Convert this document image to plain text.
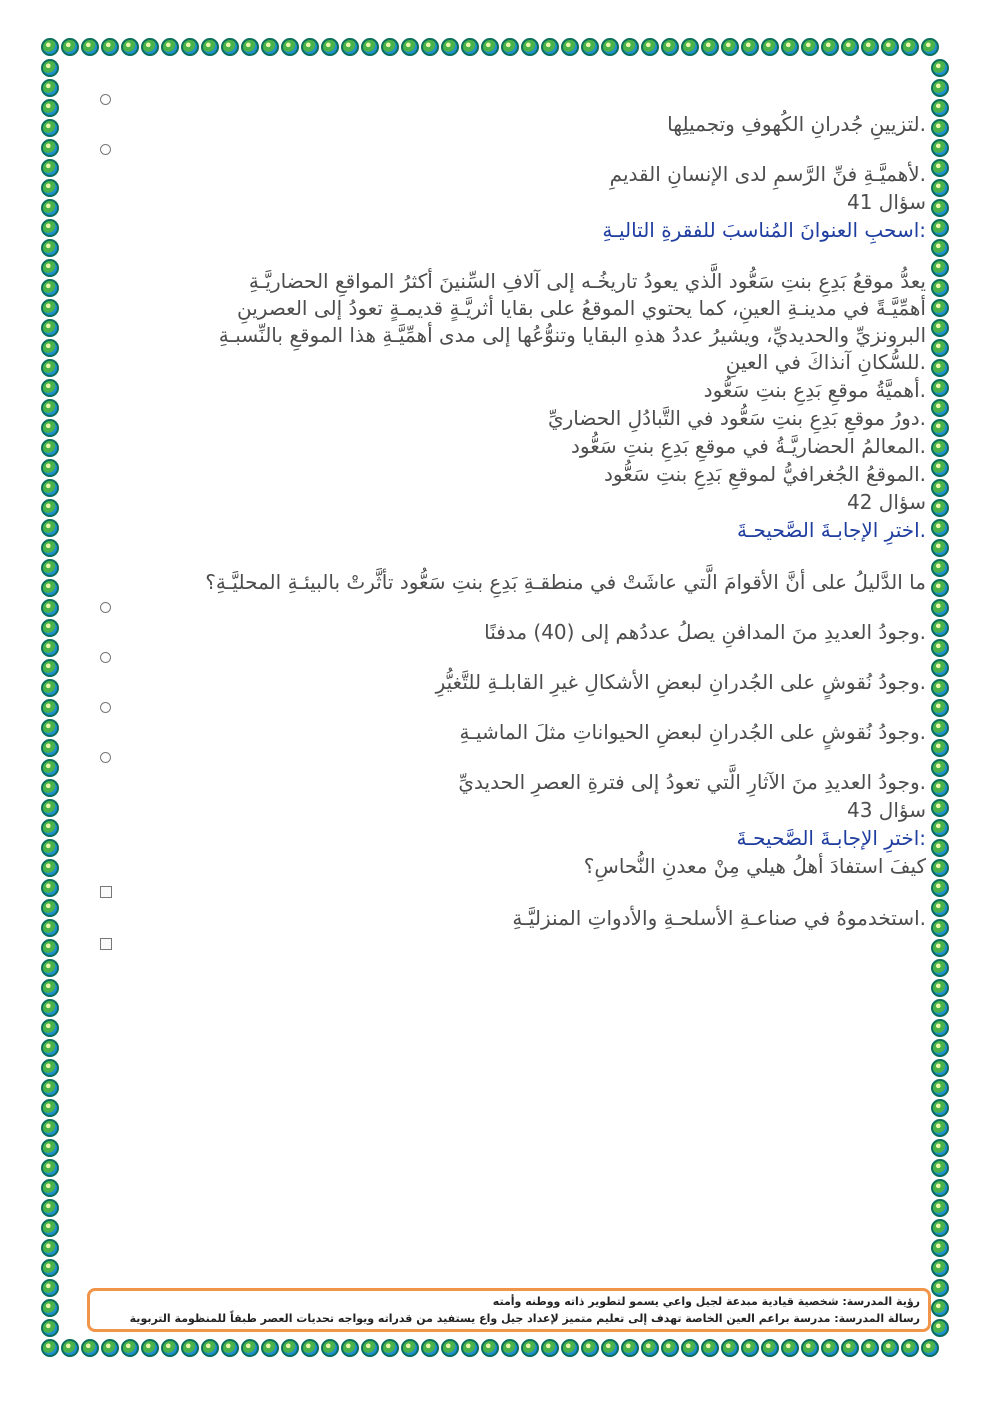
.لتزيينِ جُدرانِ الكُهوفِ وتجميلِها
.لأهميَّـةِ فنِّ الرَّسمِ لدى الإنسانِ القديمِ
سؤال 41
:اسحبِ العنوانَ المُناسبَ للفقرةِ التاليـةِ
يعدُّ موقعُ بَدِعِ بنتِ سَعُّود الَّذي يعودُ تاريخُـه إلى آلافِ السِّنينَ أكثرُ المواقعِ الحضاريَّـةِ
أهمِّيَّـةً في مدينـةِ العينِ، كما يحتوي الموقعُ على بقايا أثريَّـةٍ قديمـةٍ تعودُ إلى العصرينِ
البرونزيِّ والحديديِّ، ويشيرُ عددُ هذهِ البقايا وتنوُّعُها إلى مدى أهمِّيَّـةِ هذا الموقعِ بالنِّسبـةِ
.للسُّكانِ آنذاكَ في العينِ
.أهميَّةُ موقعِ بَدِعِ بنتِ سَعُّود
.دورُ موقعِ بَدِعِ بنتِ سَعُّود في التَّبادُلِ الحضاريِّ
.المعالمُ الحضاريَّـةُ في موقعِ بَدِعِ بنتِ سَعُّود
.الموقعُ الجُغرافيُّ لموقعِ بَدِعِ بنتِ سَعُّود
سؤال 42
.اخترِ الإجابـةَ الصَّحيحـةَ
ما الدَّليلُ على أنَّ الأقوامَ الَّتي عاشَتْ في منطقـةِ بَدِعِ بنتِ سَعُّود تأثَّرتْ بالبيئـةِ المحليَّـةِ؟
.وجودُ العديدِ منَ المدافنِ يصلُ عددُهم إلى (40) مدفنًا
.وجودُ نُقوشٍ على الجُدرانِ لبعضِ الأشكالِ غيرِ القابلـةِ للتَّغيُّرِ
.وجودُ نُقوشٍ على الجُدرانِ لبعضِ الحيواناتِ مثلَ الماشيـةِ
.وجودُ العديدِ منَ الآثارِ الَّتي تعودُ إلى فترةِ العصرِ الحديديِّ
سؤال 43
:اخترِ الإجابـةَ الصَّحيحـةَ
كيفَ استفادَ أهلُ هيلي مِنْ معدنِ النُّحاسِ؟
.استخدموهُ في صناعـةِ الأسلحـةِ والأدواتِ المنزليَّـةِ
رؤية المدرسة: شخصية قيادية مبدعة لجيل واعي يسمو لتطوير ذاته ووطنه وأمته
رسالة المدرسة: مدرسة براعم العين الخاصة تهدف إلى تعليم متميز لإعداد جيل واع يستفيد من قدراته ويواجه تحديات العصر طبقاً للمنظومة التربوية
